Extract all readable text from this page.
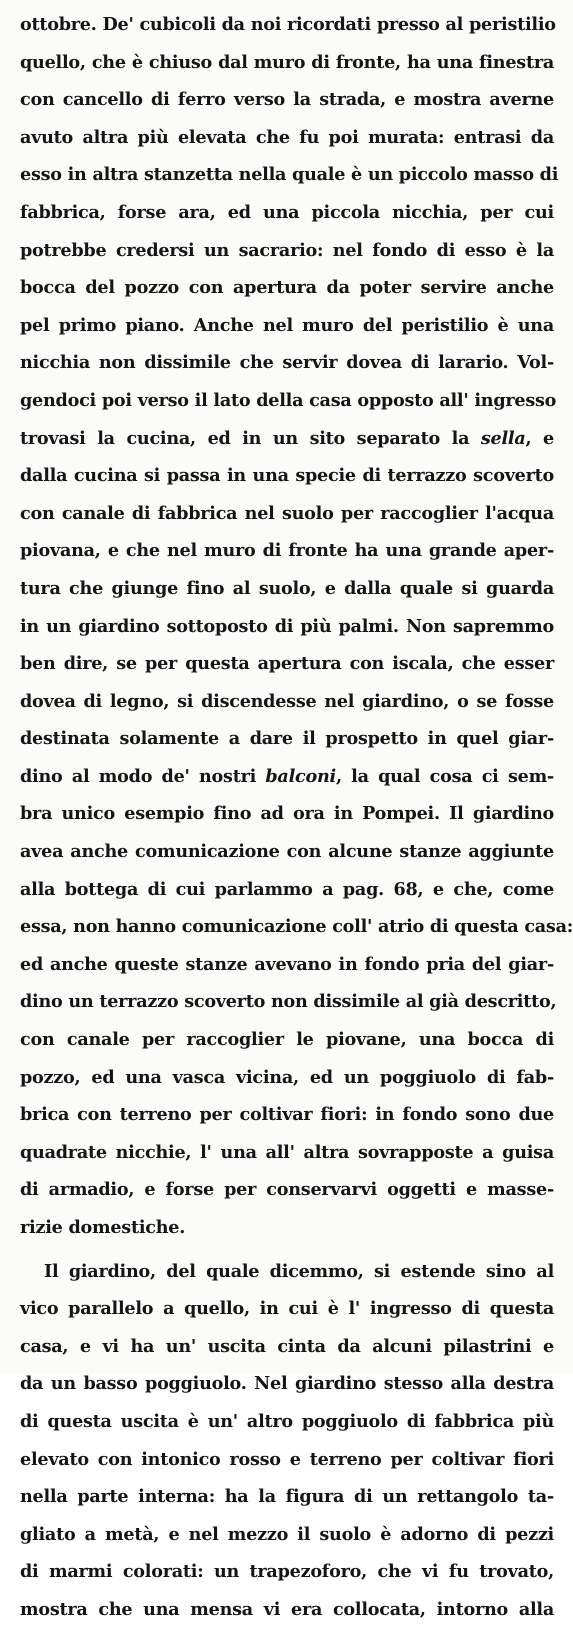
ottobre. De' cubicoli da noi ricordati presso al peristilio
quello, che è chiuso dal muro di fronte, ha una finestra
con cancello di ferro verso la strada, e mostra averne
avuto altra più elevata che fu poi murata: entrasi da
esso in altra stanzetta nella quale è un piccolo masso di
fabbrica, forse ara, ed una piccola nicchia, per cui
potrebbe credersi un sacrario: nel fondo di esso è la
bocca del pozzo con apertura da poter servire anche
pel primo piano. Anche nel muro del peristilio è una
nicchia non dissimile che servir dovea di larario. Vol-
gendoci poi verso il lato della casa opposto all' ingresso
trovasi la cucina, ed in un sito separato la sella, e
dalla cucina si passa in una specie di terrazzo scoverto
con canale di fabbrica nel suolo per raccoglier l'acqua
piovana, e che nel muro di fronte ha una grande aper-
tura che giunge fino al suolo, e dalla quale si guarda
in un giardino sottoposto di più palmi. Non sapremmo
ben dire, se per questa apertura con iscala, che esser
dovea di legno, si discendesse nel giardino, o se fosse
destinata solamente a dare il prospetto in quel giar-
dino al modo de' nostri balconi, la qual cosa ci sem-
bra unico esempio fino ad ora in Pompei. Il giardino
avea anche comunicazione con alcune stanze aggiunte
alla bottega di cui parlammo a pag. 68, e che, come
essa, non hanno comunicazione coll' atrio di questa casa:
ed anche queste stanze avevano in fondo pria del giar-
dino un terrazzo scoverto non dissimile al già descritto,
con canale per raccoglier le piovane, una bocca di
pozzo, ed una vasca vicina, ed un poggiuolo di fab-
brica con terreno per coltivar fiori: in fondo sono due
quadrate nicchie, l' una all' altra sovrapposte a guisa
di armadio, e forse per conservarvi oggetti e masse-
rizie domestiche.
Il giardino, del quale dicemmo, si estende sino al
vico parallelo a quello, in cui è l' ingresso di questa
casa, e vi ha un' uscita cinta da alcuni pilastrini e
da un basso poggiuolo. Nel giardino stesso alla destra
di questa uscita è un' altro poggiuolo di fabbrica più
elevato con intonico rosso e terreno per coltivar fiori
nella parte interna: ha la figura di un rettangolo ta-
gliato a metà, e nel mezzo il suolo è adorno di pezzi
di marmi colorati: un trapezoforo, che vi fu trovato,
mostra che una mensa vi era collocata, intorno alla
